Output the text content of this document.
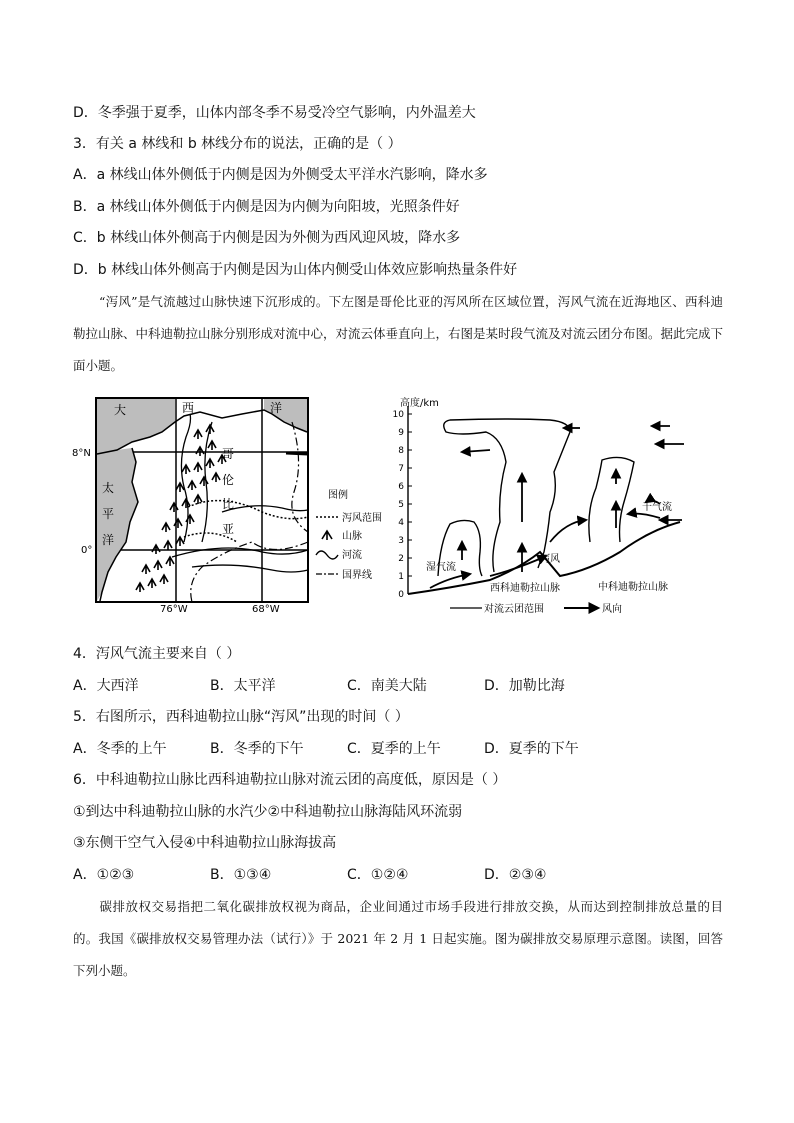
D．冬季强于夏季，山体内部冬季不易受冷空气影响，内外温差大
3．有关 a 林线和 b 林线分布的说法，正确的是（ ）
A．a 林线山体外侧低于内侧是因为外侧受太平洋水汽影响，降水多
B．a 林线山体外侧低于内侧是因为内侧为向阳坡，光照条件好
C．b 林线山体外侧高于内侧是因为外侧为西风迎风坡，降水多
D．b 林线山体外侧高于内侧是因为山体内侧受山体效应影响热量条件好
“泻风”是气流越过山脉快速下沉形成的。下左图是哥伦比亚的泻风所在区域位置，泻风气流在近海地区、西科迪勒拉山脉、中科迪勒拉山脉分别形成对流中心，对流云体垂直向上，右图是某时段气流及对流云团分布图。据此完成下面小题。
大	西	洋
太
平
洋
哥
伦
比
亚
8°N
0°
76°W	68°W
图例
泻风范围
山脉
河流
国界线
高度/km
0
1
2
3
4
5
6
7
8
9
10
湿气流
泻风
干气流
西科迪勒拉山脉	中科迪勒拉山脉
对流云团范围	风向
4．泻风气流主要来自（ ）
A．大西洋	B．太平洋	C．南美大陆	D．加勒比海
5．右图所示，西科迪勒拉山脉“泻风”出现的时间（ ）
A．冬季的上午	B．冬季的下午	C．夏季的上午	D．夏季的下午
6．中科迪勒拉山脉比西科迪勒拉山脉对流云团的高度低，原因是（ ）
①到达中科迪勒拉山脉的水汽少②中科迪勒拉山脉海陆风环流弱
③东侧干空气入侵④中科迪勒拉山脉海拔高
A．①②③	B．①③④	C．①②④	D．②③④
碳排放权交易指把二氧化碳排放权视为商品，企业间通过市场手段进行排放交换，从而达到控制排放总量的目的。我国《碳排放权交易管理办法（试行）》于 2021 年 2 月 1 日起实施。图为碳排放交易原理示意图。读图，回答下列小题。
